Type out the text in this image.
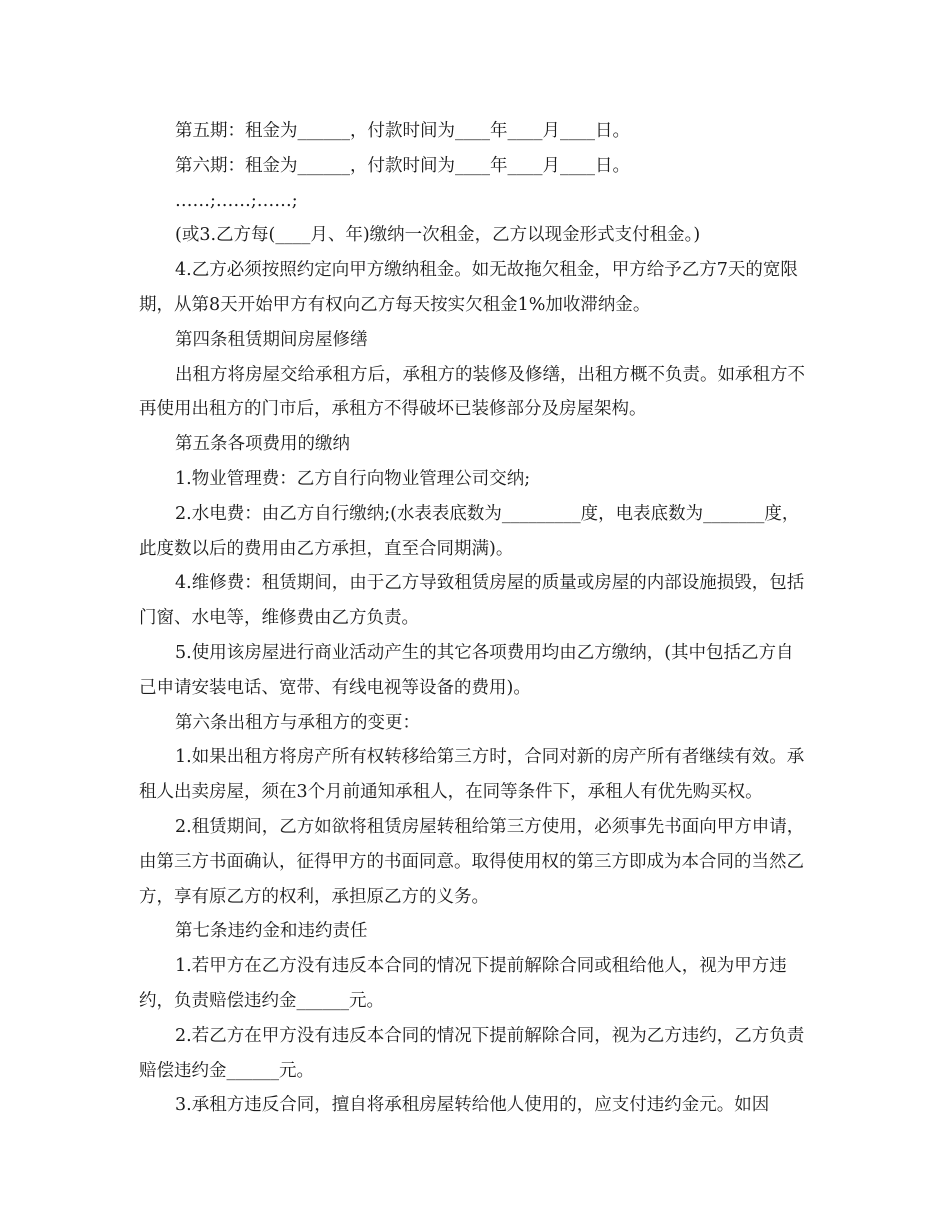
第五期：租金为______，付款时间为____年____月____日。

第六期：租金为______，付款时间为____年____月____日。

……;……;……;

(或3.乙方每(____月、年)缴纳一次租金，乙方以现金形式支付租金。)

4.乙方必须按照约定向甲方缴纳租金。如无故拖欠租金，甲方给予乙方7天的宽限期，从第8天开始甲方有权向乙方每天按实欠租金1%加收滞纳金。

第四条租赁期间房屋修缮

出租方将房屋交给承租方后，承租方的装修及修缮，出租方概不负责。如承租方不再使用出租方的门市后，承租方不得破坏已装修部分及房屋架构。

第五条各项费用的缴纳

1.物业管理费：乙方自行向物业管理公司交纳;

2.水电费：由乙方自行缴纳;(水表表底数为_________度，电表底数为_______度，此度数以后的费用由乙方承担，直至合同期满)。

4.维修费：租赁期间，由于乙方导致租赁房屋的质量或房屋的内部设施损毁，包括门窗、水电等，维修费由乙方负责。

5.使用该房屋进行商业活动产生的其它各项费用均由乙方缴纳，(其中包括乙方自己申请安装电话、宽带、有线电视等设备的费用)。

第六条出租方与承租方的变更：

1.如果出租方将房产所有权转移给第三方时，合同对新的房产所有者继续有效。承租人出卖房屋，须在3个月前通知承租人，在同等条件下，承租人有优先购买权。

2.租赁期间，乙方如欲将租赁房屋转租给第三方使用，必须事先书面向甲方申请，由第三方书面确认，征得甲方的书面同意。取得使用权的第三方即成为本合同的当然乙方，享有原乙方的权利，承担原乙方的义务。

第七条违约金和违约责任

1.若甲方在乙方没有违反本合同的情况下提前解除合同或租给他人，视为甲方违约，负责赔偿违约金______元。

2.若乙方在甲方没有违反本合同的情况下提前解除合同，视为乙方违约，乙方负责赔偿违约金______元。

3.承租方违反合同，擅自将承租房屋转给他人使用的，应支付违约金元。如因
